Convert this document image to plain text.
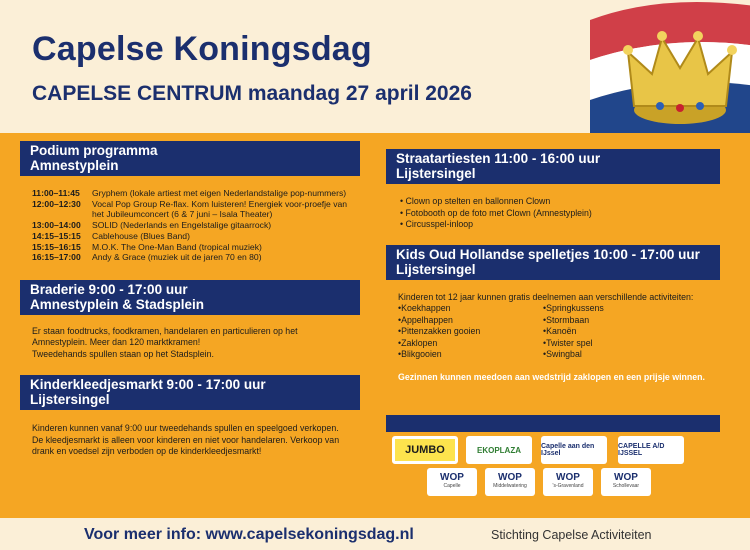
Capelse Koningsdag
CAPELSE CENTRUM maandag 27 april 2026
Podium programma
Amnestyplein
11:00–11:45	Gryphem (lokale artiest met eigen Nederlandstalige pop-nummers)
12:00–12:30	Vocal Pop Group Re-flax. Kom luisteren! Energiek voor-proefje van het Jubileumconcert (6 & 7 juni – Isala Theater)
13:00–14:00	SOLID (Nederlands en Engelstalige gitaarrock)
14:15–15:15	Cablehouse (Blues Band)
15:15–16:15	M.O.K. The One-Man Band (tropical muziek)
16:15–17:00	Andy & Grace (muziek uit de jaren 70 en 80)
Braderie 9:00 - 17:00 uur
Amnestyplein & Stadsplein
Er staan foodtrucks, foodkramen, handelaren en particulieren op het Amnestyplein. Meer dan 120 marktkramen!
Tweedehands spullen staan op het Stadsplein.
Kinderkleedjesmarkt 9:00 - 17:00 uur
Lijstersingel
Kinderen kunnen vanaf 9:00 uur tweedehands spullen en speelgoed verkopen. De kleedjesmarkt is alleen voor kinderen en niet voor handelaren. Verkoop van drank en voedsel zijn verboden op de kinderkleedjesmarkt!
Straatartiesten 11:00 - 16:00 uur
Lijstersingel
• Clown op stelten en ballonnen Clown
• Fotobooth op de foto met Clown (Amnestyplein)
• Circusspel-inloop
Kids Oud Hollandse spelletjes 10:00 - 17:00 uur
Lijstersingel
Kinderen tot 12 jaar kunnen gratis deelnemen aan verschillende activiteiten:
• Koekhappen
• Appelhappen
• Pittenzakken gooien
• Zaklopen
• Blikgooien
• Springkussens
• Stormbaan
• Kanoën
• Twister spel
• Swingbal
Gezinnen kunnen meedoen aan wedstrijd zaklopen en een prijsje winnen.
JUMBO	EKOPLAZA	Capelle aan den IJssel
CAPELLE A/D IJSSEL
WOP
Capelle
WOP
Middelwatering
WOP
's-Gravenland
WOP
Schollevaar
Voor meer info: www.capelsekoningsdag.nl	Stichting Capelse Activiteiten
